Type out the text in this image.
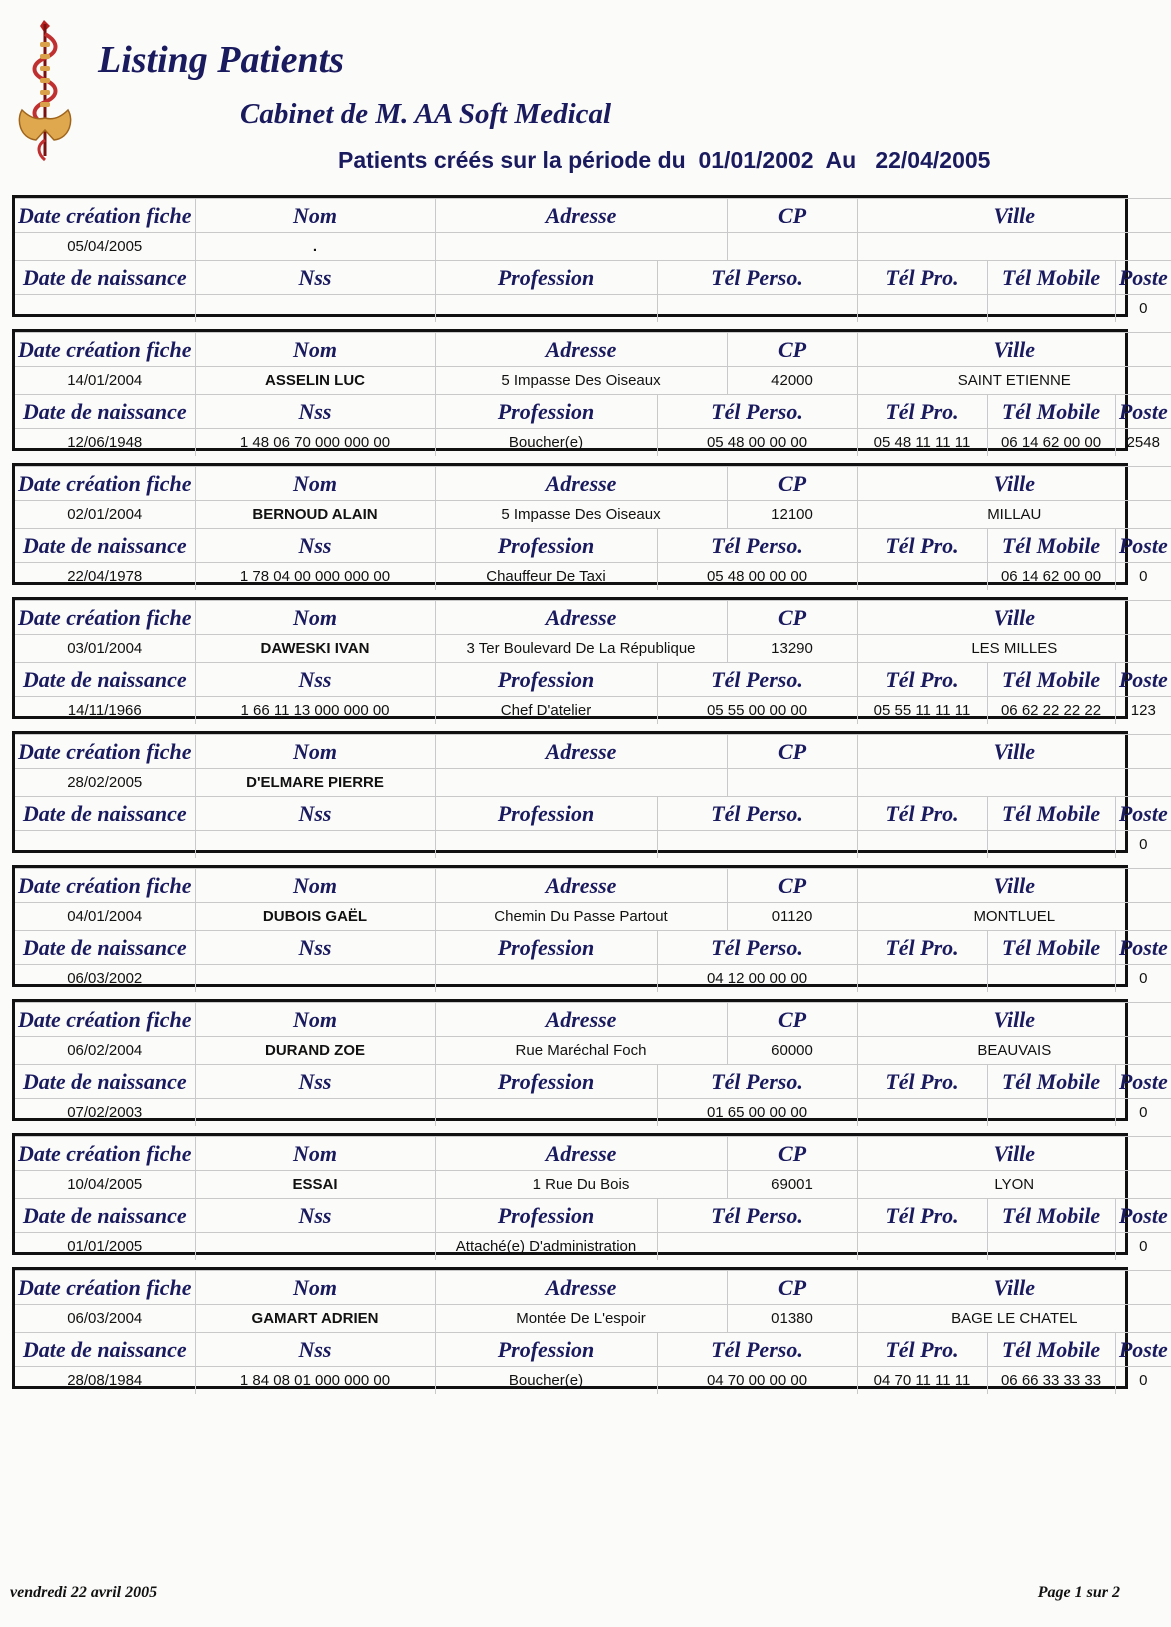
Listing Patients
Cabinet de M. AA Soft Medical
Patients créés sur la période du  01/01/2002  Au   22/04/2005
Date création fiche	Nom	Adresse		CP	Ville		
05/04/2005	.						
Date de naissance	Nss	Profession	Tél Perso.		Tél Pro.	Tél Mobile	Poste
							0
Date création fiche	Nom	Adresse		CP	Ville		
14/01/2004	ASSELIN LUC	5 Impasse Des Oiseaux		42000	SAINT ETIENNE		
Date de naissance	Nss	Profession	Tél Perso.		Tél Pro.	Tél Mobile	Poste
12/06/1948	1 48 06 70 000 000 00	Boucher(e)	05 48 00 00 00		05 48 11 11 11	06 14 62 00 00	2548
Date création fiche	Nom	Adresse		CP	Ville		
02/01/2004	BERNOUD ALAIN	5 Impasse Des Oiseaux		12100	MILLAU		
Date de naissance	Nss	Profession	Tél Perso.		Tél Pro.	Tél Mobile	Poste
22/04/1978	1 78 04 00 000 000 00	Chauffeur De Taxi	05 48 00 00 00			06 14 62 00 00	0
Date création fiche	Nom	Adresse		CP	Ville		
03/01/2004	DAWESKI IVAN	3 Ter Boulevard De La République		13290	LES MILLES		
Date de naissance	Nss	Profession	Tél Perso.		Tél Pro.	Tél Mobile	Poste
14/11/1966	1 66 11 13 000 000 00	Chef D'atelier	05 55 00 00 00		05 55 11 11 11	06 62 22 22 22	123
Date création fiche	Nom	Adresse		CP	Ville		
28/02/2005	D'ELMARE PIERRE						
Date de naissance	Nss	Profession	Tél Perso.		Tél Pro.	Tél Mobile	Poste
							0
Date création fiche	Nom	Adresse		CP	Ville		
04/01/2004	DUBOIS GAËL	Chemin Du Passe Partout		01120	MONTLUEL		
Date de naissance	Nss	Profession	Tél Perso.		Tél Pro.	Tél Mobile	Poste
06/03/2002			04 12 00 00 00				0
Date création fiche	Nom	Adresse		CP	Ville		
06/02/2004	DURAND ZOE	Rue Maréchal Foch		60000	BEAUVAIS		
Date de naissance	Nss	Profession	Tél Perso.		Tél Pro.	Tél Mobile	Poste
07/02/2003			01 65 00 00 00				0
Date création fiche	Nom	Adresse		CP	Ville		
10/04/2005	ESSAI	1 Rue Du Bois		69001	LYON		
Date de naissance	Nss	Profession	Tél Perso.		Tél Pro.	Tél Mobile	Poste
01/01/2005		Attaché(e) D'administration					0
Date création fiche	Nom	Adresse		CP	Ville		
06/03/2004	GAMART ADRIEN	Montée De L'espoir		01380	BAGE LE CHATEL		
Date de naissance	Nss	Profession	Tél Perso.		Tél Pro.	Tél Mobile	Poste
28/08/1984	1 84 08 01 000 000 00	Boucher(e)	04 70 00 00 00		04 70 11 11 11	06 66 33 33 33	0
vendredi 22 avril 2005	Page 1 sur 2
